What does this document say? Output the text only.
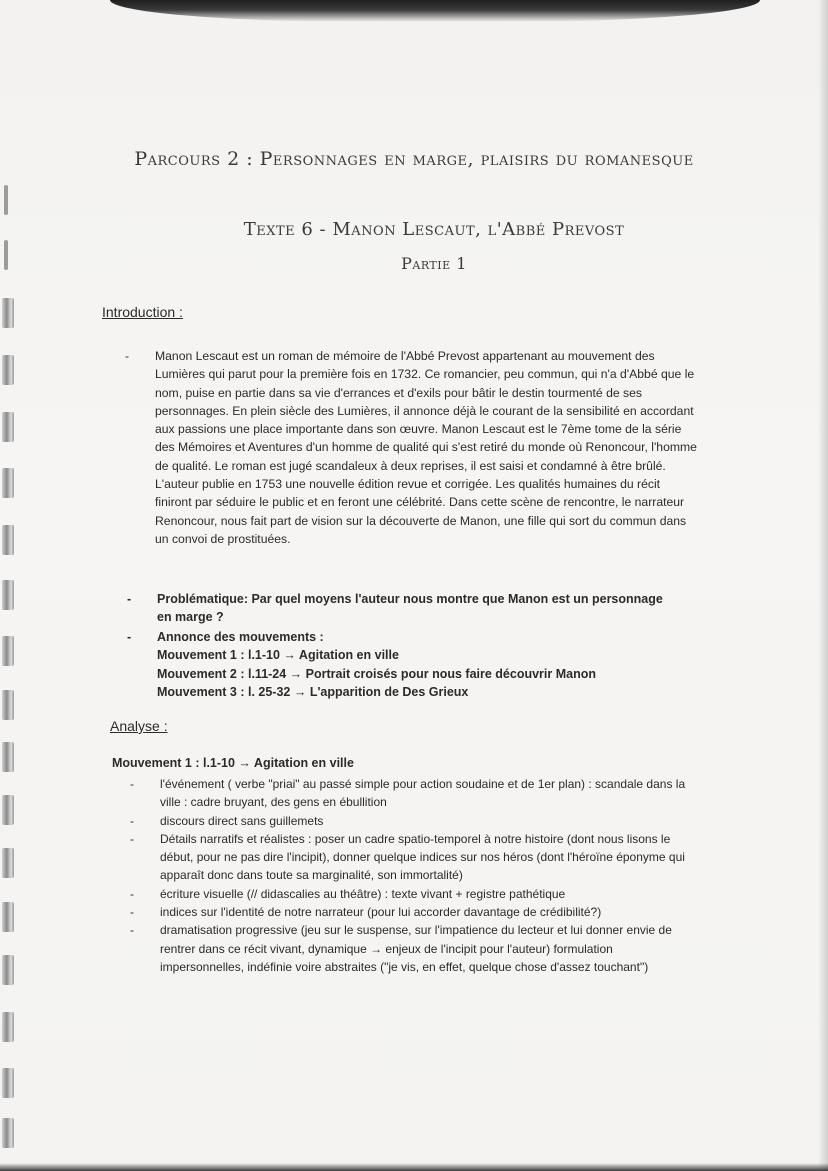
Parcours 2 : Personnages en marge, plaisirs du romanesque
Texte 6 - Manon Lescaut, l'Abbé Prevost
Partie 1
Introduction :
- Manon Lescaut est un roman de mémoire de l'Abbé Prevost appartenant au mouvement des Lumières qui parut pour la première fois en 1732. Ce romancier, peu commun, qui n'a d'Abbé que le nom, puise en partie dans sa vie d'errances et d'exils pour bâtir le destin tourmenté de ses personnages. En plein siècle des Lumières, il annonce déjà le courant de la sensibilité en accordant aux passions une place importante dans son œuvre. Manon Lescaut est le 7ème tome de la série des Mémoires et Aventures d'un homme de qualité qui s'est retiré du monde où Renoncour, l'homme de qualité. Le roman est jugé scandaleux à deux reprises, il est saisi et condamné à être brûlé. L'auteur publie en 1753 une nouvelle édition revue et corrigée. Les qualités humaines du récit finiront par séduire le public et en feront une célébrité. Dans cette scène de rencontre, le narrateur Renoncour, nous fait part de vision sur la découverte de Manon, une fille qui sort du commun dans un convoi de prostituées.
- Problématique: Par quel moyens l'auteur nous montre que Manon est un personnage en marge ?
- Annonce des mouvements :
Mouvement 1 : l.1-10 → Agitation en ville
Mouvement 2 : l.11-24 → Portrait croisés pour nous faire découvrir Manon
Mouvement 3 : l. 25-32 → L'apparition de Des Grieux
Analyse :
Mouvement 1 : l.1-10 → Agitation en ville
- l'événement ( verbe "priai" au passé simple pour action soudaine et de 1er plan) : scandale dans la ville : cadre bruyant, des gens en ébullition
- discours direct sans guillemets
- Détails narratifs et réalistes : poser un cadre spatio-temporel à notre histoire (dont nous lisons le début, pour ne pas dire l'incipit), donner quelque indices sur nos héros (dont l'héroïne éponyme qui apparaît donc dans toute sa marginalité, son immortalité)
- écriture visuelle (// didascalies au théâtre) : texte vivant + registre pathétique
- indices sur l'identité de notre narrateur (pour lui accorder davantage de crédibilité?)
- dramatisation progressive (jeu sur le suspense, sur l'impatience du lecteur et lui donner envie de rentrer dans ce récit vivant, dynamique → enjeux de l'incipit pour l'auteur) formulation impersonnelles, indéfinie voire abstraites ("je vis, en effet, quelque chose d'assez touchant")
